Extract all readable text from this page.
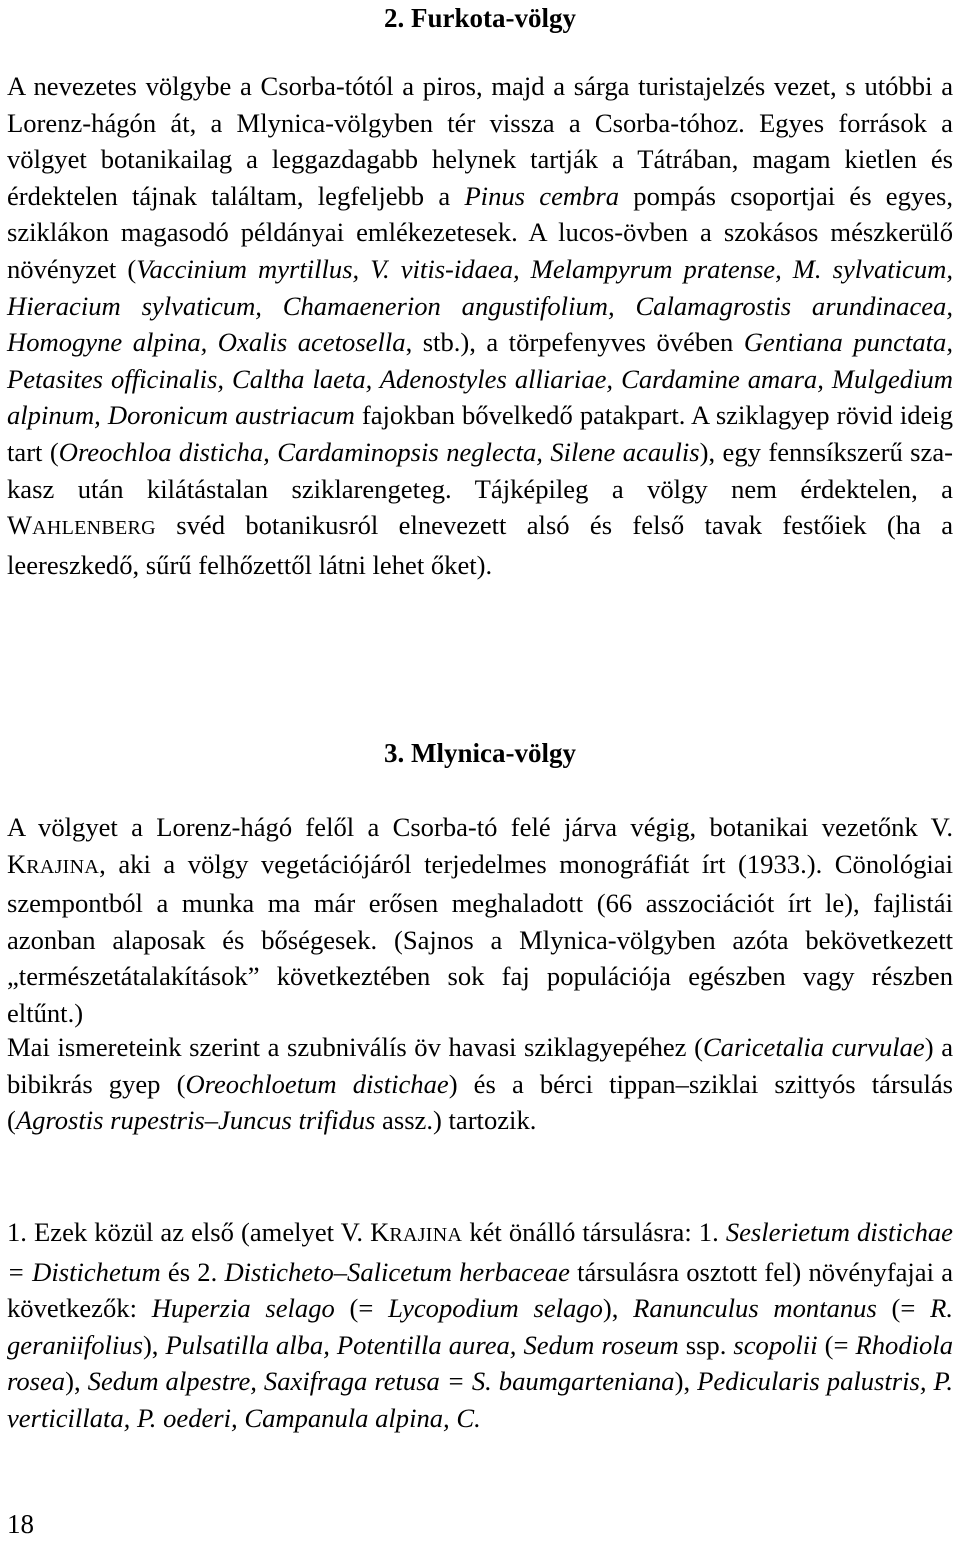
2. Furkota-völgy

A nevezetes völgybe a Csorba-tótól a piros, majd a sárga turistajelzés vezet, s utóbbi a Lorenz-hágón át, a Mlynica-völgyben tér vissza a Csorba-tóhoz. Egyes források a völgyet botanikailag a leggazdagabb helynek tartják a Tátrában, magam kietlen és érdektelen tájnak találtam, legfeljebb a Pinus cembra pompás csoportjai és egyes, sziklákon magasodó példányai emlékezetesek. A lucos-övben a szokásos mészkerülő növényzet (Vaccinium myrtillus, V. vitis-idaea, Melampyrum pratense, M. sylvaticum, Hieracium sylvaticum, Chamaenerion angustifolium, Calamagrostis arundinacea, Homogyne alpina, Oxalis acetosella, stb.), a törpefenyves övében Gentiana punctata, Petasites officinalis, Caltha laeta, Adenostyles alliariae, Cardamine amara, Mulgedium alpinum, Doronicum austriacum fajokban bővelkedő patakpart. A sziklagyep rövid ideig tart (Oreochloa disticha, Cardaminopsis neglecta, Silene acaulis), egy fennsíkszerű szakasz után kilátástalan sziklarengeteg. Tájképileg a völgy nem érdektelen, a WAHLENBERG svéd botanikusról elnevezett alsó és felső tavak festőiek (ha a leereszkedő, sűrű felhőzettől látni lehet őket).

3. Mlynica-völgy

A völgyet a Lorenz-hágó felől a Csorba-tó felé járva végig, botanikai vezetőnk V. KRAJINA, aki a völgy vegetációjáról terjedelmes monográfiát írt (1933.). Cönológiai szempontból a munka ma már erősen meghaladott (66 asszociációt írt le), fajlistái azonban alaposak és bőségesek. (Sajnos a Mlynica-völgyben azóta bekövetkezett „természetátalakítások” következtében sok faj populációja egészben vagy részben eltűnt.)

Mai ismereteink szerint a szubniválís öv havasi sziklagyepéhez (Caricetalia curvulae) a bibikrás gyep (Oreochloetum distichae) és a bérci tippan–sziklai szittyós társulás (Agrostis rupestris–Juncus trifidus assz.) tartozik.

1. Ezek közül az első (amelyet V. KRAJINA két önálló társulásra: 1. Seslerietum distichae = Distichetum és 2. Disticheto–Salicetum herbaceae társulásra osztott fel) növényfajai a következők: Huperzia selago (= Lycopodium selago), Ranunculus montanus (= R. geraniifolius), Pulsatilla alba, Potentilla aurea, Sedum roseum ssp. scopolii (= Rhodiola rosea), Sedum alpestre, Saxifraga retusa = S. baumgarteniana), Pedicularis palustris, P. verticillata, P. oederi, Campanula alpina, C.

18
